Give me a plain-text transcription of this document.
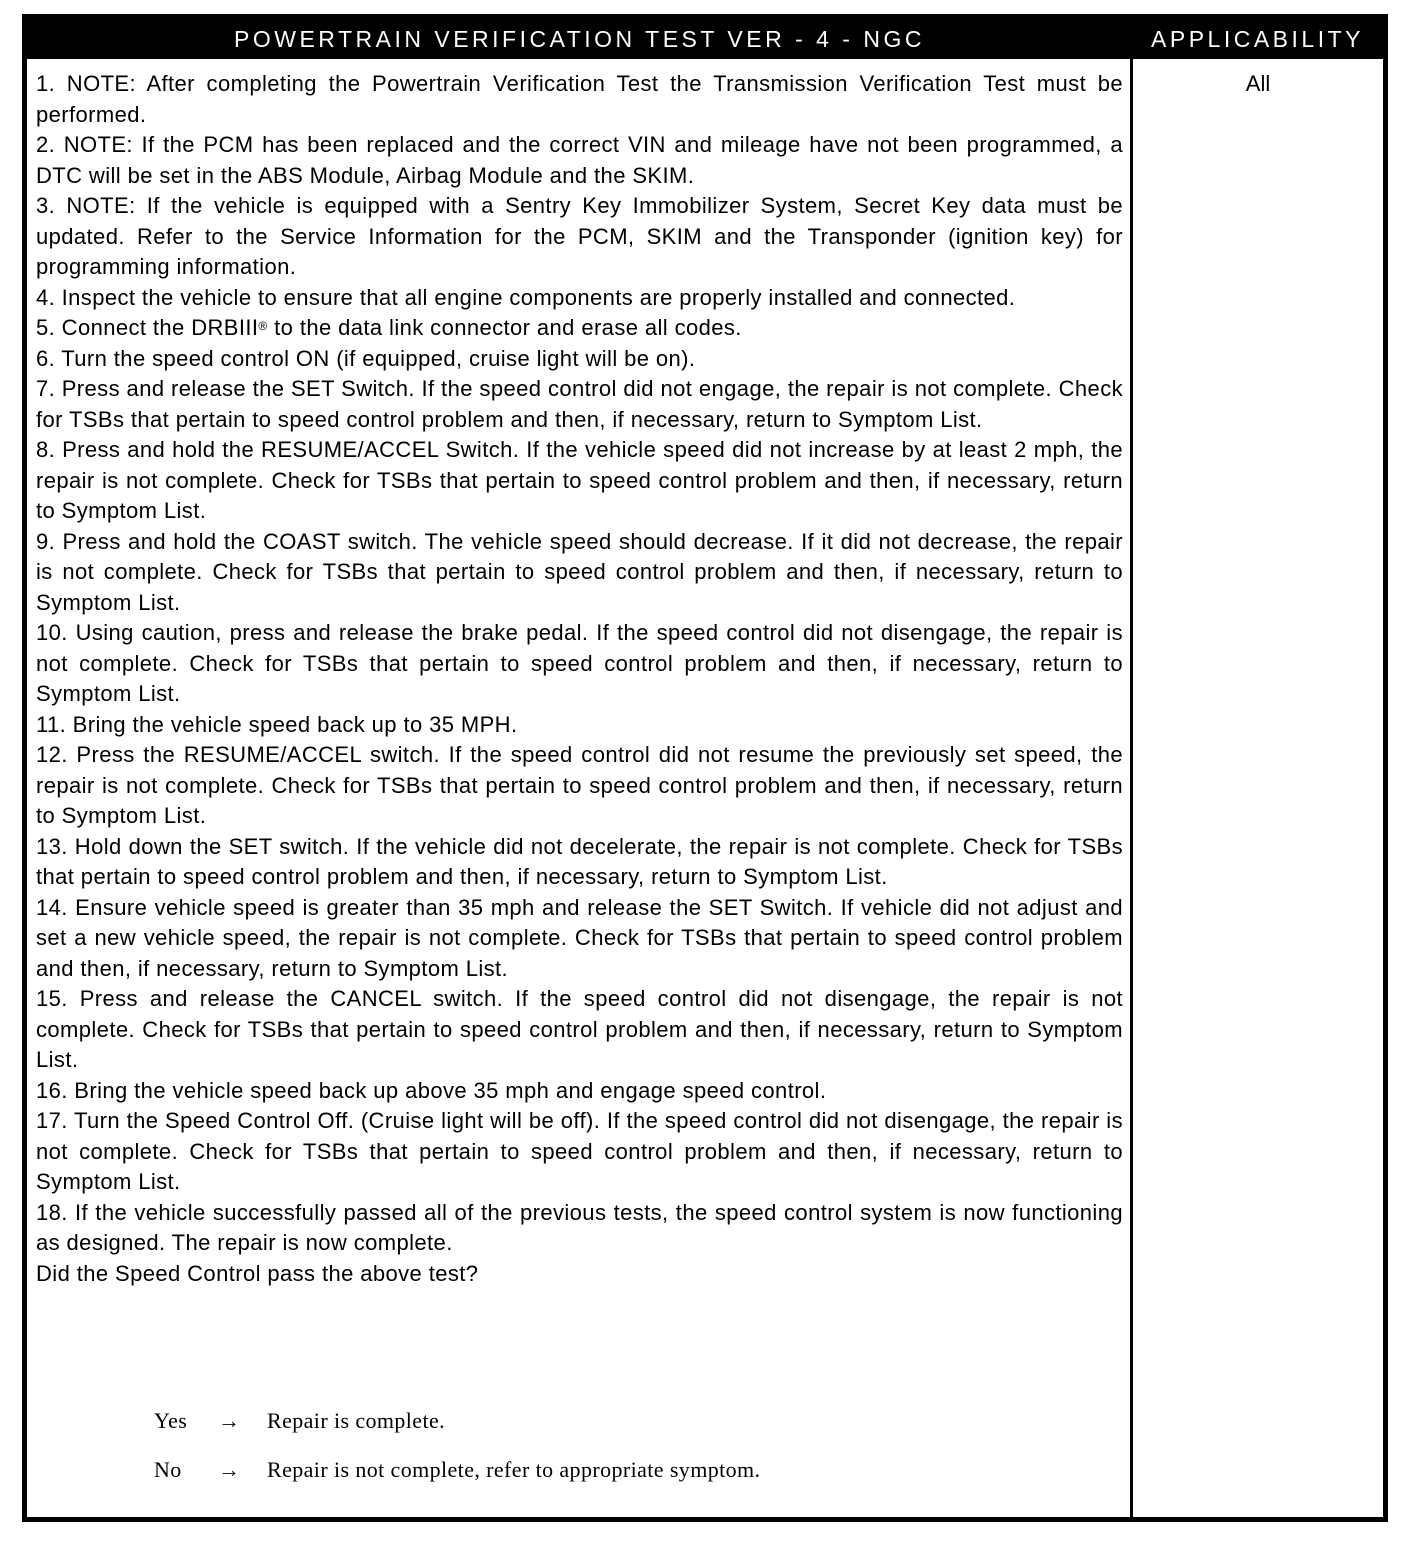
POWERTRAIN VERIFICATION TEST VER - 4 - NGC	APPLICABILITY

1. NOTE: After completing the Powertrain Verification Test the Transmission Verification Test must be performed.

2. NOTE: If the PCM has been replaced and the correct VIN and mileage have not been programmed, a DTC will be set in the ABS Module, Airbag Module and the SKIM.

3. NOTE: If the vehicle is equipped with a Sentry Key Immobilizer System, Secret Key data must be updated. Refer to the Service Information for the PCM, SKIM and the Transponder (ignition key) for programming information.

4. Inspect the vehicle to ensure that all engine components are properly installed and connected.

5. Connect the DRBIII® to the data link connector and erase all codes.

6. Turn the speed control ON (if equipped, cruise light will be on).

7. Press and release the SET Switch. If the speed control did not engage, the repair is not complete. Check for TSBs that pertain to speed control problem and then, if necessary, return to Symptom List.

8. Press and hold the RESUME/ACCEL Switch. If the vehicle speed did not increase by at least 2 mph, the repair is not complete. Check for TSBs that pertain to speed control problem and then, if necessary, return to Symptom List.

9. Press and hold the COAST switch. The vehicle speed should decrease. If it did not decrease, the repair is not complete. Check for TSBs that pertain to speed control problem and then, if necessary, return to Symptom List.

10. Using caution, press and release the brake pedal. If the speed control did not disengage, the repair is not complete. Check for TSBs that pertain to speed control problem and then, if necessary, return to Symptom List.

11. Bring the vehicle speed back up to 35 MPH.

12. Press the RESUME/ACCEL switch. If the speed control did not resume the previously set speed, the repair is not complete. Check for TSBs that pertain to speed control problem and then, if necessary, return to Symptom List.

13. Hold down the SET switch. If the vehicle did not decelerate, the repair is not complete. Check for TSBs that pertain to speed control problem and then, if necessary, return to Symptom List.

14. Ensure vehicle speed is greater than 35 mph and release the SET Switch. If vehicle did not adjust and set a new vehicle speed, the repair is not complete. Check for TSBs that pertain to speed control problem and then, if necessary, return to Symptom List.

15. Press and release the CANCEL switch. If the speed control did not disengage, the repair is not complete. Check for TSBs that pertain to speed control problem and then, if necessary, return to Symptom List.

16. Bring the vehicle speed back up above 35 mph and engage speed control.

17. Turn the Speed Control Off. (Cruise light will be off). If the speed control did not disengage, the repair is not complete. Check for TSBs that pertain to speed control problem and then, if necessary, return to Symptom List.

18. If the vehicle successfully passed all of the previous tests, the speed control system is now functioning as designed. The repair is now complete.

Did the Speed Control pass the above test?

All
Yes → Repair is complete.
No → Repair is not complete, refer to appropriate symptom.
